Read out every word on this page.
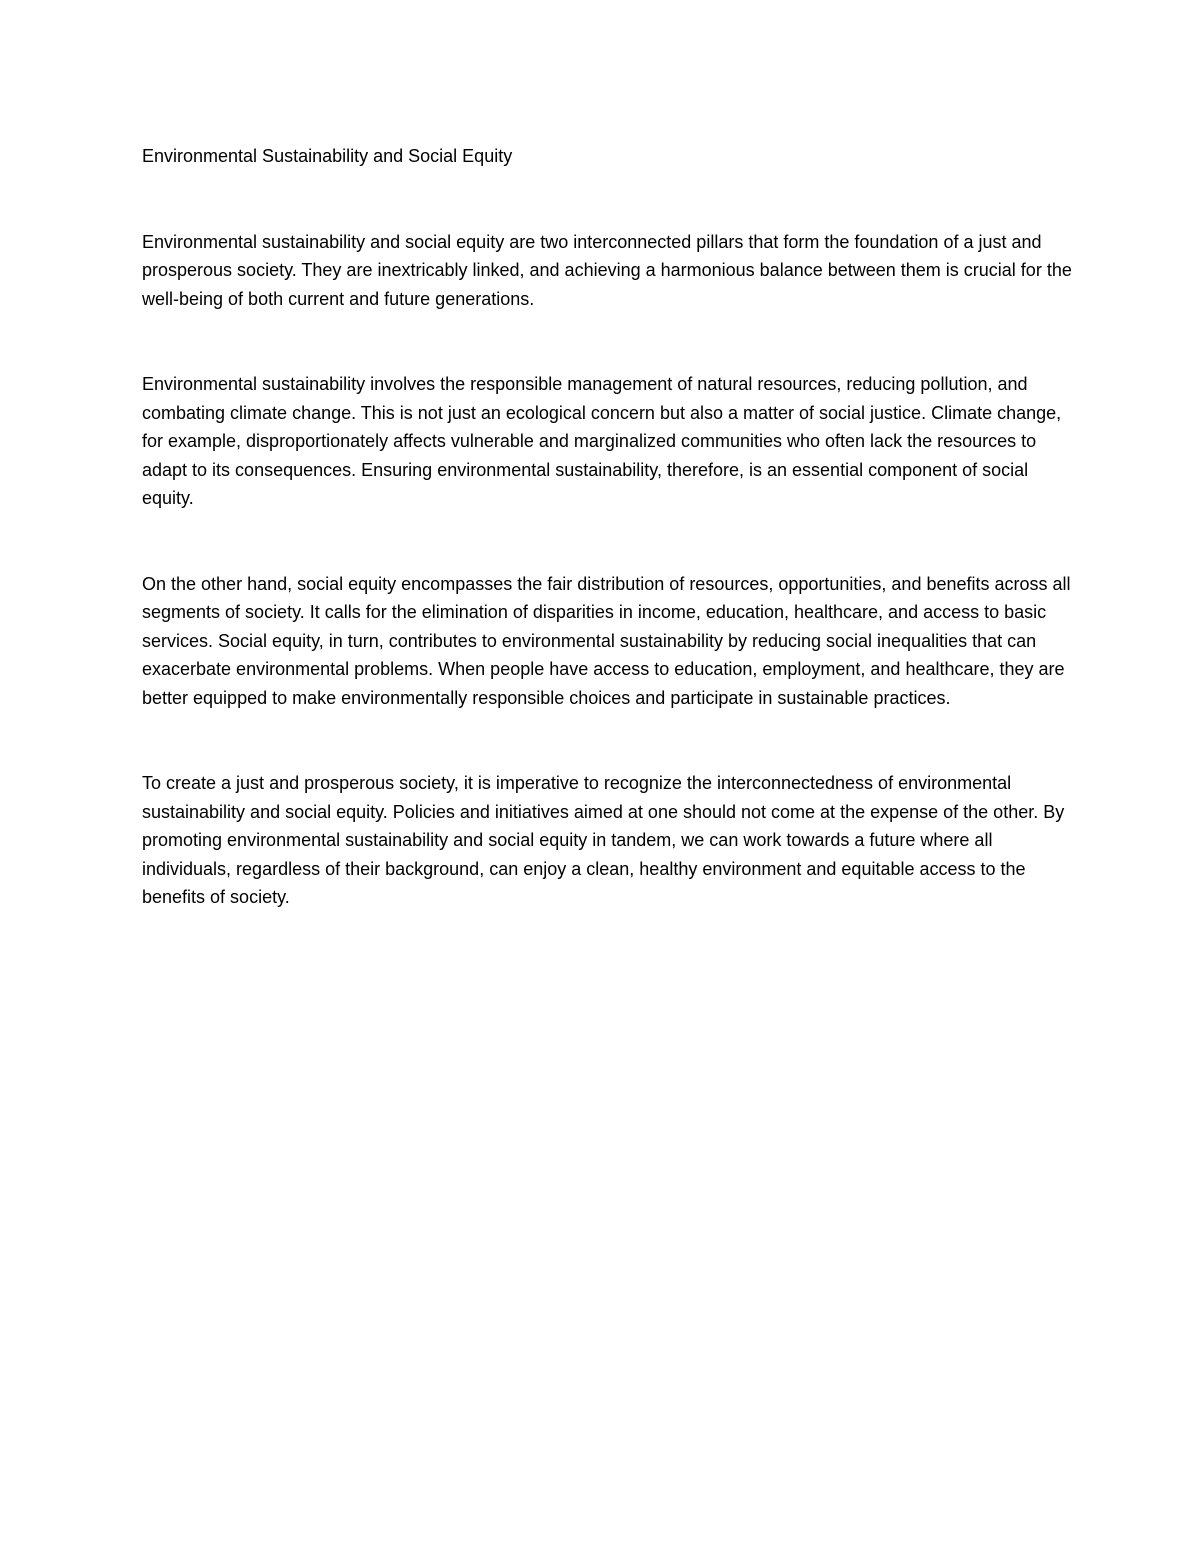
Environmental Sustainability and Social Equity

Environmental sustainability and social equity are two interconnected pillars that form the foundation of a just and prosperous society. They are inextricably linked, and achieving a harmonious balance between them is crucial for the well-being of both current and future generations.

Environmental sustainability involves the responsible management of natural resources, reducing pollution, and combating climate change. This is not just an ecological concern but also a matter of social justice. Climate change, for example, disproportionately affects vulnerable and marginalized communities who often lack the resources to adapt to its consequences. Ensuring environmental sustainability, therefore, is an essential component of social equity.

On the other hand, social equity encompasses the fair distribution of resources, opportunities, and benefits across all segments of society. It calls for the elimination of disparities in income, education, healthcare, and access to basic services. Social equity, in turn, contributes to environmental sustainability by reducing social inequalities that can exacerbate environmental problems. When people have access to education, employment, and healthcare, they are better equipped to make environmentally responsible choices and participate in sustainable practices.

To create a just and prosperous society, it is imperative to recognize the interconnectedness of environmental sustainability and social equity. Policies and initiatives aimed at one should not come at the expense of the other. By promoting environmental sustainability and social equity in tandem, we can work towards a future where all individuals, regardless of their background, can enjoy a clean, healthy environment and equitable access to the benefits of society.
